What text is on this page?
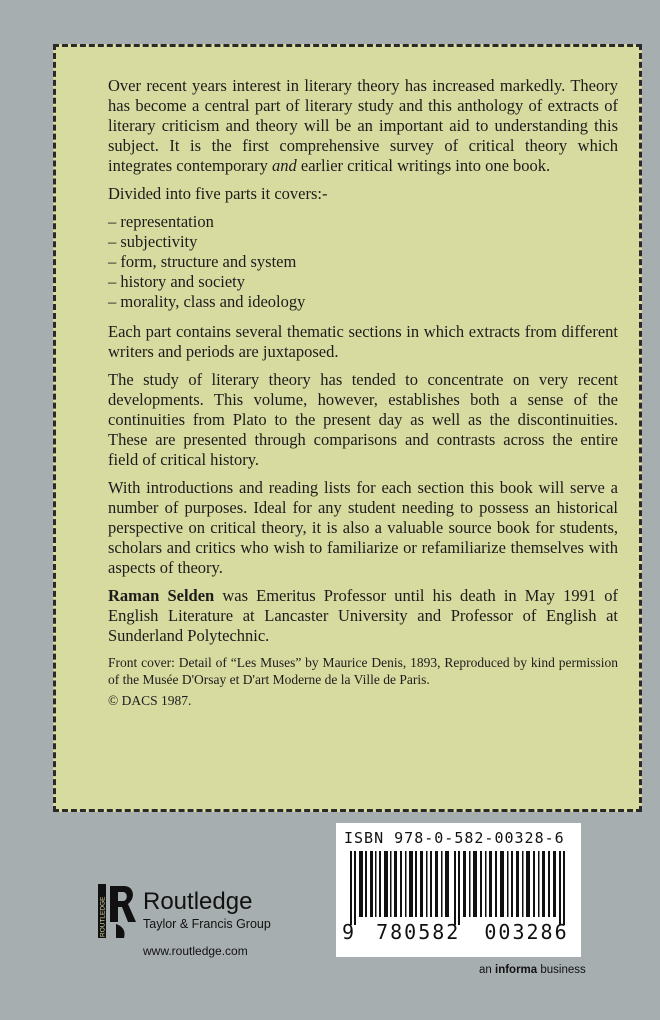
Over recent years interest in literary theory has increased markedly. Theory has become a central part of literary study and this anthology of extracts of literary criticism and theory will be an important aid to understanding this subject. It is the first comprehensive survey of critical theory which integrates contemporary and earlier critical writings into one book.

Divided into five parts it covers:-

– representation
– subjectivity
– form, structure and system
– history and society
– morality, class and ideology

Each part contains several thematic sections in which extracts from different writers and periods are juxtaposed.

The study of literary theory has tended to concentrate on very recent developments. This volume, however, establishes both a sense of the continuities from Plato to the present day as well as the discontinuities. These are presented through comparisons and contrasts across the entire field of critical history.

With introductions and reading lists for each section this book will serve a number of purposes. Ideal for any student needing to possess an historical perspective on critical theory, it is also a valuable source book for students, scholars and critics who wish to familiarize or refamiliarize themselves with aspects of theory.

Raman Selden was Emeritus Professor until his death in May 1991 of English Literature at Lancaster University and Professor of English at Sunderland Polytechnic.

Front cover: Detail of “Les Muses” by Maurice Denis, 1893, Reproduced by kind permission of the Musée D'Orsay et D'art Moderne de la Ville de Paris.

© DACS 1987.

ISBN 978-0-582-00328-6
9 780582 003286
ROUTLEDGE Routledge
Taylor & Francis Group
www.routledge.com
an informa business
